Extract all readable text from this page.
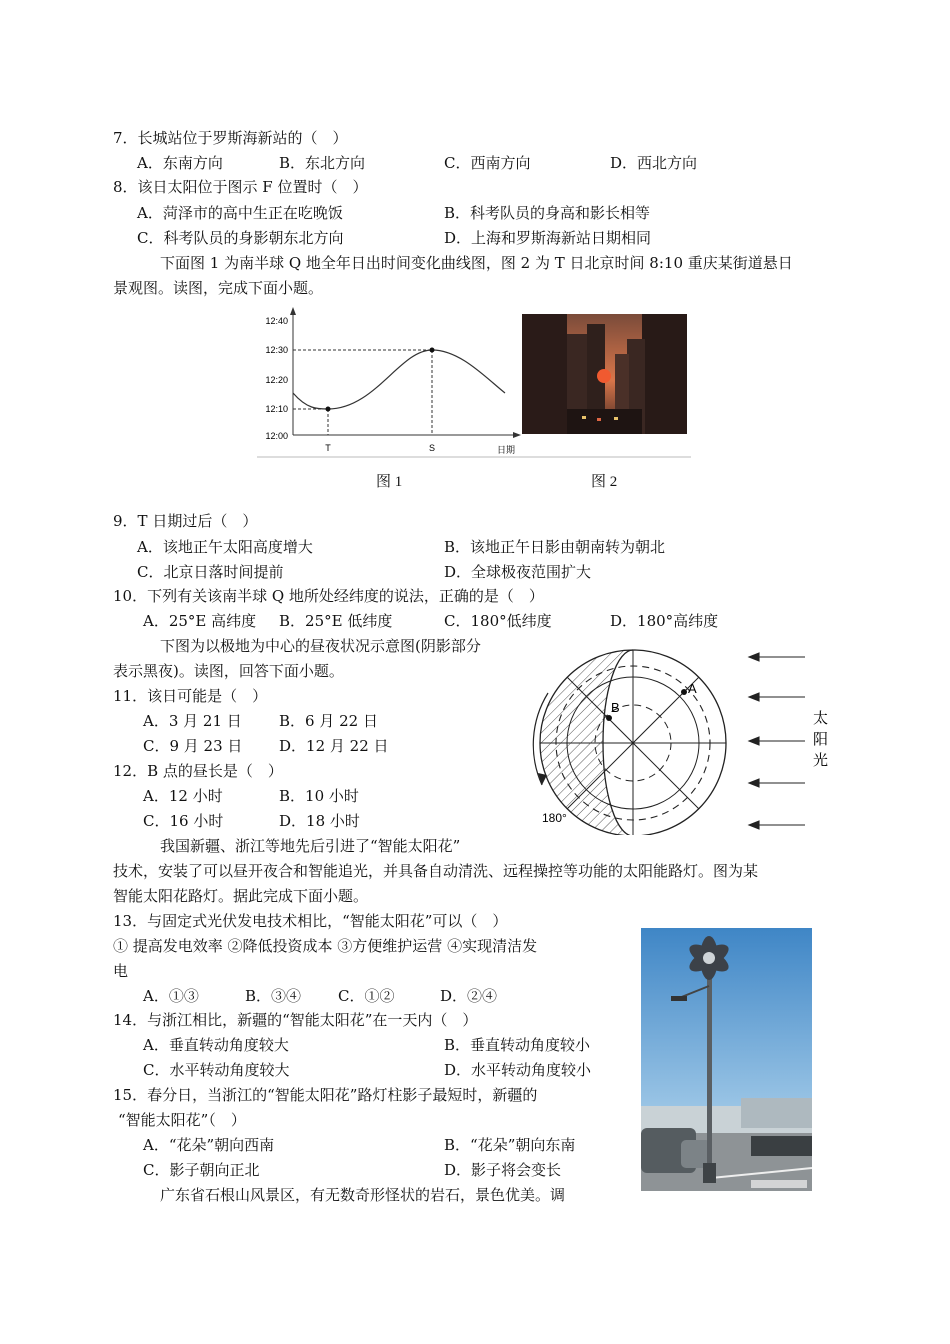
7．长城站位于罗斯海新站的（　）
A．东南方向	B．东北方向	C．西南方向	D．西北方向
8．该日太阳位于图示 F 位置时（　）
A．菏泽市的高中生正在吃晚饭	B．科考队员的身高和影长相等
C．科考队员的身影朝东北方向	D．上海和罗斯海新站日期相同
下面图 1 为南半球 Q 地全年日出时间变化曲线图，图 2 为 T 日北京时间 8:10 重庆某街道悬日
景观图。读图，完成下面小题。
12:40
12:30
12:20
12:10
12:00
T	S	日期
图 1	图 2
9．T 日期过后（　）
A．该地正午太阳高度增大	B．该地正午日影由朝南转为朝北
C．北京日落时间提前	D．全球极夜范围扩大
10．下列有关该南半球 Q 地所处经纬度的说法，正确的是（　）
A．25°E 高纬度 B．25°E 低纬度	C．180°低纬度	D．180°高纬度
下图为以极地为中心的昼夜状况示意图(阴影部分
表示黑夜)。读图，回答下面小题。
A
B
180°
太
阳
光
11．该日可能是（　）
A．3 月 21 日 B．6 月 22 日
C．9 月 23 日 D．12 月 22 日
12．B 点的昼长是（　）
A．12 小时	B．10 小时
C．16 小时	D．18 小时
我国新疆、浙江等地先后引进了“智能太阳花”
技术，安装了可以昼开夜合和智能追光，并具备自动清洗、远程操控等功能的太阳能路灯。图为某
智能太阳花路灯。据此完成下面小题。
13．与固定式光伏发电技术相比，“智能太阳花”可以（　）
① 提高发电效率 ②降低投资成本 ③方便维护运营 ④实现清洁发
电
A．①③	B．③④ C．①②	D．②④
14．与浙江相比，新疆的“智能太阳花”在一天内（　）
A．垂直转动角度较大	B．垂直转动角度较小
C．水平转动角度较大	D．水平转动角度较小
15．春分日，当浙江的“智能太阳花”路灯柱影子最短时，新疆的
“智能太阳花”（　）
A．“花朵”朝向西南	B．“花朵”朝向东南
C．影子朝向正北	D．影子将会变长
广东省石根山风景区，有无数奇形怪状的岩石，景色优美。调
